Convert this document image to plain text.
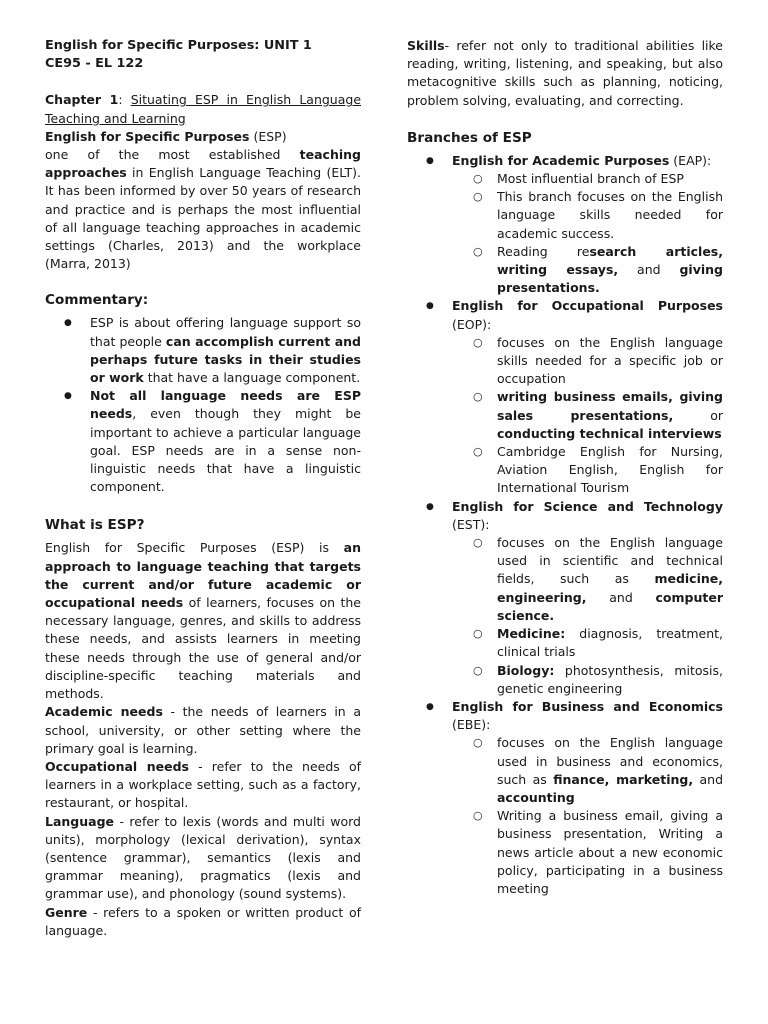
English for Specific Purposes: UNIT 1
CE95 - EL 122
Chapter 1: Situating ESP in English Language Teaching and Learning
English for Specific Purposes (ESP)
one of the most established teaching approaches in English Language Teaching (ELT). It has been informed by over 50 years of research and practice and is perhaps the most influential of all language teaching approaches in academic settings (Charles, 2013) and the workplace (Marra, 2013)
Commentary:
● ESP is about offering language support so that people can accomplish current and perhaps future tasks in their studies or work that have a language component.
● Not all language needs are ESP needs, even though they might be important to achieve a particular language goal. ESP needs are in a sense non-linguistic needs that have a linguistic component.
What is ESP?
English for Specific Purposes (ESP) is an approach to language teaching that targets the current and/or future academic or occupational needs of learners, focuses on the necessary language, genres, and skills to address these needs, and assists learners in meeting these needs through the use of general and/or discipline-specific teaching materials and methods.
Academic needs - the needs of learners in a school, university, or other setting where the primary goal is learning.
Occupational needs - refer to the needs of learners in a workplace setting, such as a factory, restaurant, or hospital.
Language - refer to lexis (words and multi word units), morphology (lexical derivation), syntax (sentence grammar), semantics (lexis and grammar meaning), pragmatics (lexis and grammar use), and phonology (sound systems).
Genre - refers to a spoken or written product of language.
Skills- refer not only to traditional abilities like reading, writing, listening, and speaking, but also metacognitive skills such as planning, noticing, problem solving, evaluating, and correcting.
Branches of ESP
● English for Academic Purposes (EAP):
○ Most influential branch of ESP
○ This branch focuses on the English language skills needed for academic success.
○ Reading research articles, writing essays, and giving presentations.
● English for Occupational Purposes
(EOP):
○ focuses on the English language skills needed for a specific job or occupation
○ writing business emails, giving sales presentations, or conducting technical interviews
○ Cambridge English for Nursing, Aviation English, English for International Tourism
● English for Science and Technology
(EST):
○ focuses on the English language used in scientific and technical fields, such as medicine, engineering, and computer science.
○ Medicine: diagnosis, treatment, clinical trials
○ Biology: photosynthesis, mitosis, genetic engineering
● English for Business and Economics
(EBE):
○ focuses on the English language used in business and economics, such as finance, marketing, and accounting
○ Writing a business email, giving a business presentation, Writing a news article about a new economic policy, participating in a business meeting
